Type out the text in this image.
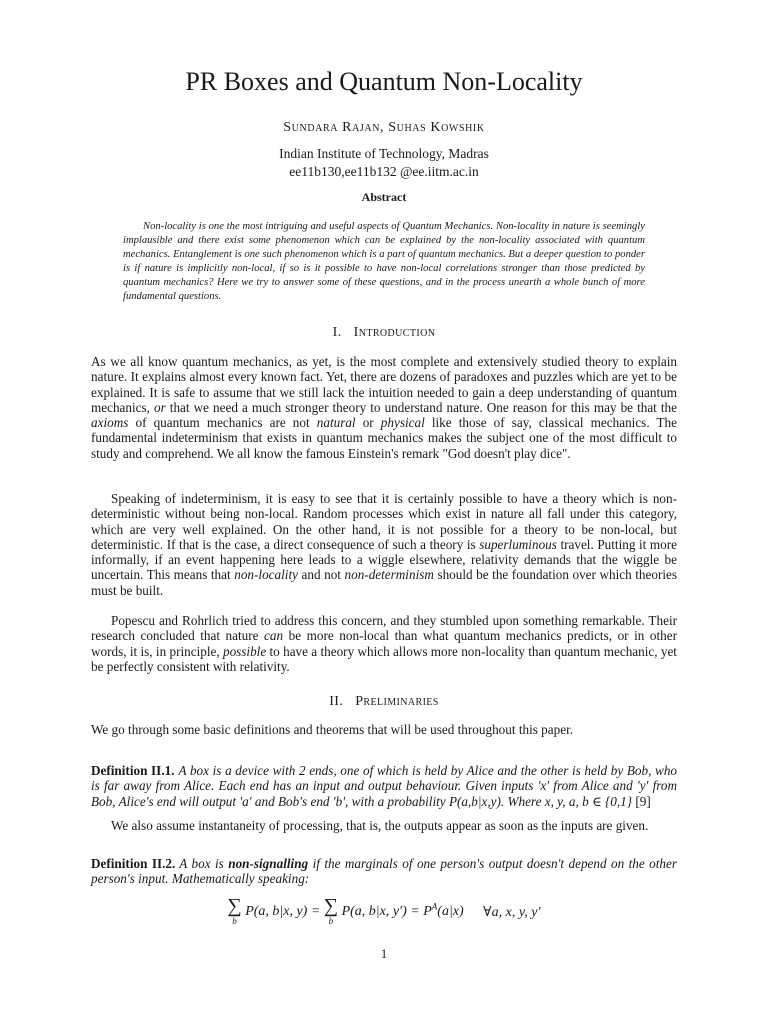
PR Boxes and Quantum Non-Locality
Sundara Rajan, Suhas Kowshik
Indian Institute of Technology, Madras
ee11b130,ee11b132 @ee.iitm.ac.in
Abstract

Non-locality is one the most intriguing and useful aspects of Quantum Mechanics. Non-locality in nature is seemingly implausible and there exist some phenomenon which can be explained by the non-locality associated with quantum mechanics. Entanglement is one such phenomenon which is a part of quantum mechanics. But a deeper question to ponder is if nature is implicitly non-local, if so is it possible to have non-local correlations stronger than those predicted by quantum mechanics? Here we try to answer some of these questions, and in the process unearth a whole bunch of more fundamental questions.

I. Introduction

As we all know quantum mechanics, as yet, is the most complete and extensively studied theory to explain nature. It explains almost every known fact. Yet, there are dozens of paradoxes and puzzles which are yet to be explained. It is safe to assume that we still lack the intuition needed to gain a deep understanding of quantum mechanics, or that we need a much stronger theory to understand nature. One reason for this may be that the axioms of quantum mechanics are not natural or physical like those of say, classical mechanics. The fundamental indeterminism that exists in quantum mechanics makes the subject one of the most difficult to study and comprehend. We all know the famous Einstein's remark "God doesn't play dice".

Speaking of indeterminism, it is easy to see that it is certainly possible to have a theory which is non-deterministic without being non-local. Random processes which exist in nature all fall under this category, which are very well explained. On the other hand, it is not possible for a theory to be non-local, but deterministic. If that is the case, a direct consequence of such a theory is superluminous travel. Putting it more informally, if an event happening here leads to a wiggle elsewhere, relativity demands that the wiggle be uncertain. This means that non-locality and not non-determinism should be the foundation over which theories must be built.

Popescu and Rohrlich tried to address this concern, and they stumbled upon something remarkable. Their research concluded that nature can be more non-local than what quantum mechanics predicts, or in other words, it is, in principle, possible to have a theory which allows more non-locality than quantum mechanic, yet be perfectly consistent with relativity.

II. Preliminaries

We go through some basic definitions and theorems that will be used throughout this paper.

Definition II.1. A box is a device with 2 ends, one of which is held by Alice and the other is held by Bob, who is far away from Alice. Each end has an input and output behaviour. Given inputs 'x' from Alice and 'y' from Bob, Alice's end will output 'a' and Bob's end 'b', with a probability P(a,b|x,y). Where x, y, a, b ∈ {0,1} [9]

We also assume instantaneity of processing, that is, the outputs appear as soon as the inputs are given.

Definition II.2. A box is non-signalling if the marginals of one person's output doesn't depend on the other person's input. Mathematically speaking:

∑
b
P(a, b|x, y) = ∑
b
P(a, b|x, $y') = P^A(a|x)$ ∀a, x, y, y′
1
